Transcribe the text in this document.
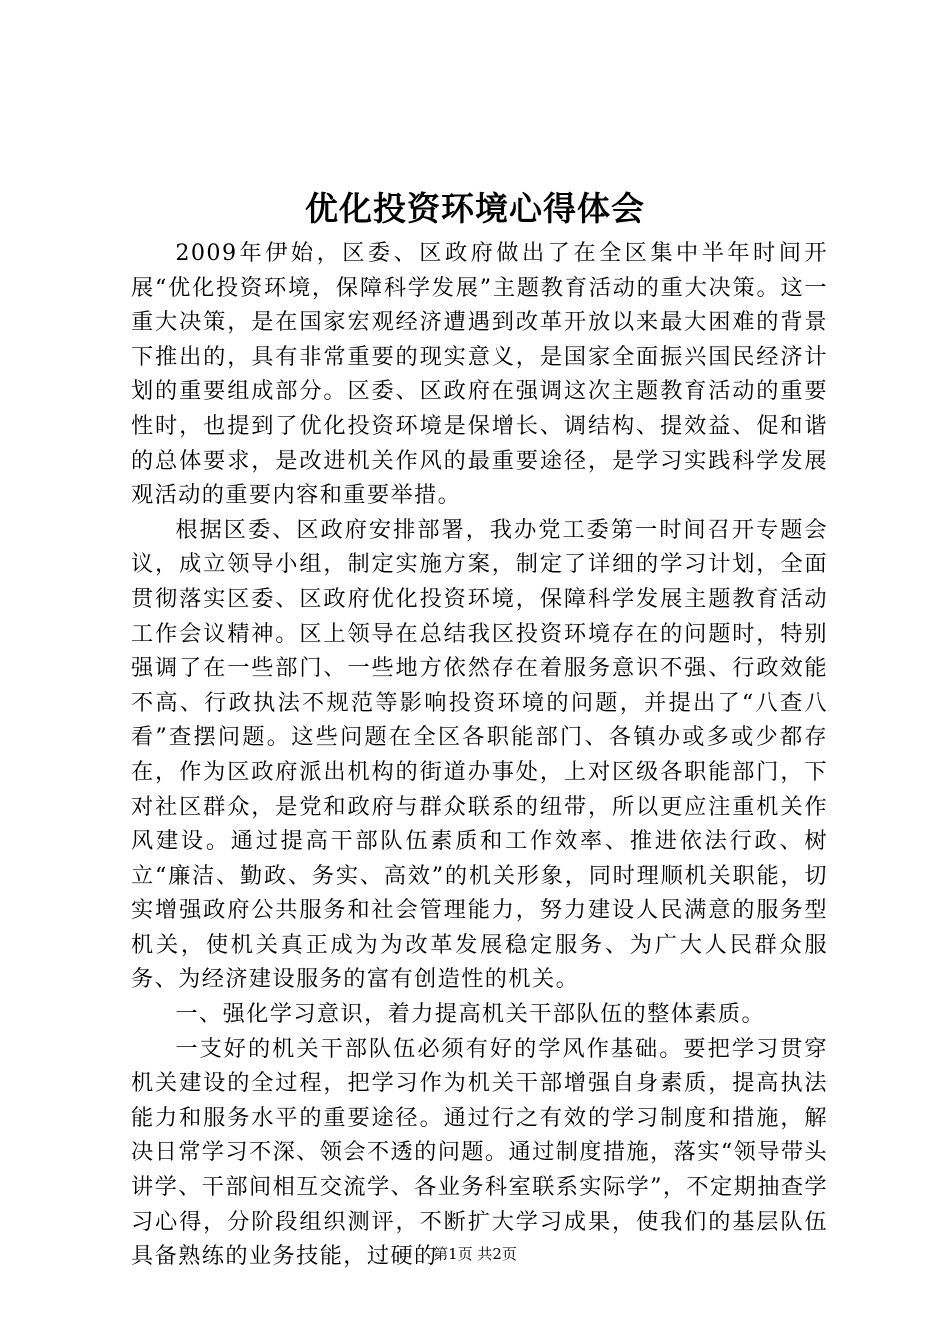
优化投资环境心得体会

2009年伊始，区委、区政府做出了在全区集中半年时间开展“优化投资环境，保障科学发展”主题教育活动的重大决策。这一重大决策，是在国家宏观经济遭遇到改革开放以来最大困难的背景下推出的，具有非常重要的现实意义，是国家全面振兴国民经济计划的重要组成部分。区委、区政府在强调这次主题教育活动的重要性时，也提到了优化投资环境是保增长、调结构、提效益、促和谐的总体要求，是改进机关作风的最重要途径，是学习实践科学发展观活动的重要内容和重要举措。

根据区委、区政府安排部署，我办党工委第一时间召开专题会议，成立领导小组，制定实施方案，制定了详细的学习计划，全面贯彻落实区委、区政府优化投资环境，保障科学发展主题教育活动工作会议精神。区上领导在总结我区投资环境存在的问题时，特别强调了在一些部门、一些地方依然存在着服务意识不强、行政效能不高、行政执法不规范等影响投资环境的问题，并提出了“八查八看”查摆问题。这些问题在全区各职能部门、各镇办或多或少都存在，作为区政府派出机构的街道办事处，上对区级各职能部门，下对社区群众，是党和政府与群众联系的纽带，所以更应注重机关作风建设。通过提高干部队伍素质和工作效率、推进依法行政、树立“廉洁、勤政、务实、高效”的机关形象，同时理顺机关职能，切实增强政府公共服务和社会管理能力，努力建设人民满意的服务型机关，使机关真正成为为改革发展稳定服务、为广大人民群众服务、为经济建设服务的富有创造性的机关。

一、强化学习意识，着力提高机关干部队伍的整体素质。

一支好的机关干部队伍必须有好的学风作基础。要把学习贯穿机关建设的全过程，把学习作为机关干部增强自身素质，提高执法能力和服务水平的重要途径。通过行之有效的学习制度和措施，解决日常学习不深、领会不透的问题。通过制度措施，落实“领导带头讲学、干部间相互交流学、各业务科室联系实际学”，不定期抽查学习心得，分阶段组织测评，不断扩大学习成果，使我们的基层队伍具备熟练的业务技能，过硬的

第1页 共2页
